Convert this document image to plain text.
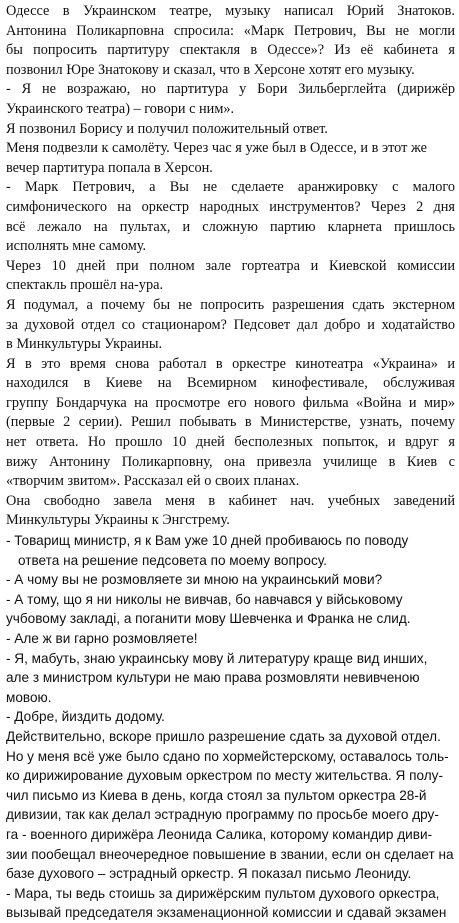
Одессе в Украинском театре, музыку написал Юрий Знатоков.
Антонина Поликарповна спросила: «Марк Петрович, Вы не могли
бы попросить партитуру спектакля в Одессе»? Из её кабинета я
позвонил Юре Знатокову и сказал, что в Херсоне хотят его музыку.
- Я не возражаю, но партитура у Бори Зильберглейта (дирижёр
Украинского театра) – говори с ним».
Я позвонил Борису и получил положительный ответ.
Меня подвезли к самолёту. Через час я уже был в Одессе, и в этот же
вечер партитура попала в Херсон.
- Марк Петрович, а Вы не сделаете аранжировку с малого
симфонического на оркестр народных инструментов? Через 2 дня
всё лежало на пультах, и сложную партию кларнета пришлось
исполнять мне самому.
Через 10 дней при полном зале гортеатра и Киевской комиссии
спектакль прошёл на-ура.
Я подумал, а почему бы не попросить разрешения сдать экстерном
за духовой отдел со стационаром? Педсовет дал добро и ходатайство
в Минкультуры Украины.
Я в это время снова работал в оркестре кинотеатра «Украина» и
находился в Киеве на Всемирном кинофестивале, обслуживая
группу Бондарчука на просмотре его нового фильма «Война и мир»
(первые 2 серии). Решил побывать в Министерстве, узнать, почему
нет ответа. Но прошло 10 дней бесполезных попыток, и вдруг я
вижу Антонину Поликарповну, она привезла училище в Киев с
«творчим звитом». Рассказал ей о своих планах.
Она свободно завела меня в кабинет нач. учебных заведений
Минкультуры Украины к Энгстрему.
- Товарищ министр, я к Вам уже 10 дней пробиваюсь по поводу
ответа на решение педсовета по моему вопросу.
- А чому вы не розмовляете зи мною на украинський мови?
- А тому, що я ни николы не вивчав, бо навчався у військовому
учбовому закладі, а поганити мову Шевченка и Франка не слид.
- Але ж ви гарно розмовляете!
- Я, мабуть, знаю украинську мову й литературу краще вид инших,
але з министром культури не маю права розмовляти невивченою
мовою.
- Добре, йиздить додому.
Действительно, вскоре пришло разрешение сдать за духовой отдел.
Но у меня всё уже было сдано по хормейстерскому, оставалось толь-
ко дирижирование духовым оркестром по месту жительства. Я полу-
чил письмо из Киева в день, когда стоял за пультом оркестра 28-й
дивизии, так как делал эстрадную программу по просьбе моего дру-
га - военного дирижёра Леонида Салика, которому командир диви-
зии пообещал внеочередное повышение в звании, если он сделает на
базе духового – эстрадный оркестр. Я показал письмо Леониду.
- Мара, ты ведь стоишь за дирижёрским пультом духового оркестра,
вызывай председателя экзаменационной комиссии и сдавай экзамен
